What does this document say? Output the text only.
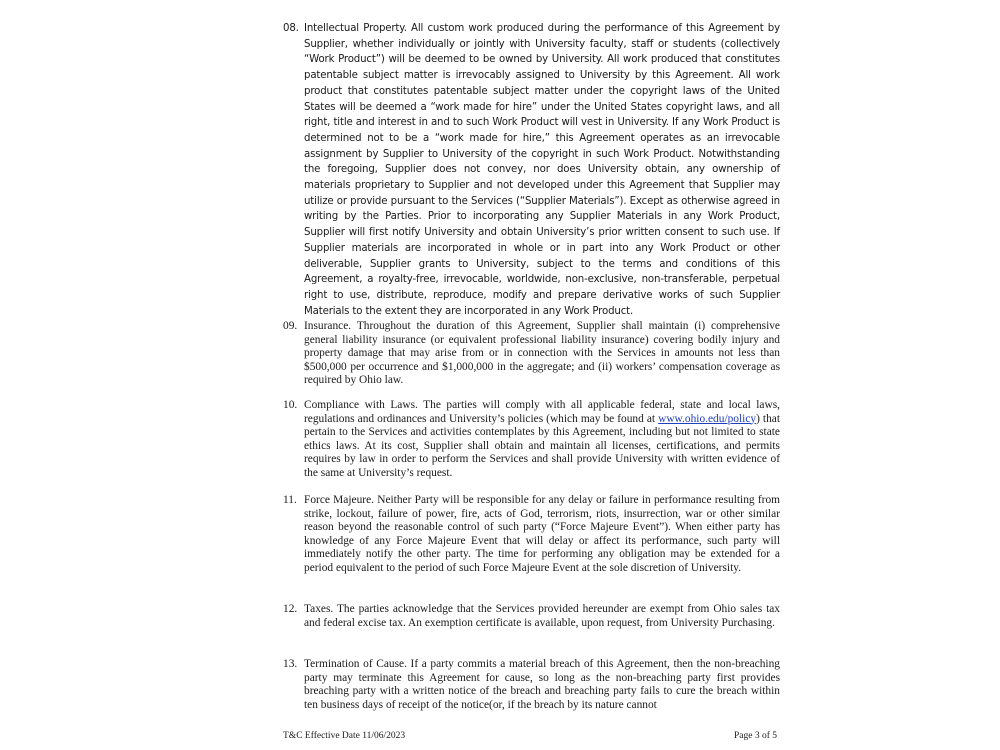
08. Intellectual Property. All custom work produced during the performance of this Agreement by Supplier, whether individually or jointly with University faculty, staff or students (collectively “Work Product”) will be deemed to be owned by University. All work produced that constitutes patentable subject matter is irrevocably assigned to University by this Agreement. All work product that constitutes patentable subject matter under the copyright laws of the United States will be deemed a “work made for hire” under the United States copyright laws, and all right, title and interest in and to such Work Product will vest in University. If any Work Product is determined not to be a “work made for hire,” this Agreement operates as an irrevocable assignment by Supplier to University of the copyright in such Work Product. Notwithstanding the foregoing, Supplier does not convey, nor does University obtain, any ownership of materials proprietary to Supplier and not developed under this Agreement that Supplier may utilize or provide pursuant to the Services (“Supplier Materials”). Except as otherwise agreed in writing by the Parties. Prior to incorporating any Supplier Materials in any Work Product, Supplier will first notify University and obtain University’s prior written consent to such use. If Supplier materials are incorporated in whole or in part into any Work Product or other deliverable, Supplier grants to University, subject to the terms and conditions of this Agreement, a royalty-free, irrevocable, worldwide, non-exclusive, non-transferable, perpetual right to use, distribute, reproduce, modify and prepare derivative works of such Supplier Materials to the extent they are incorporated in any Work Product.
09. Insurance. Throughout the duration of this Agreement, Supplier shall maintain (i) comprehensive general liability insurance (or equivalent professional liability insurance) covering bodily injury and property damage that may arise from or in connection with the Services in amounts not less than $500,000 per occurrence and $1,000,000 in the aggregate; and (ii) workers’ compensation coverage as required by Ohio law.
10. Compliance with Laws. The parties will comply with all applicable federal, state and local laws, regulations and ordinances and University’s policies (which may be found at www.ohio.edu/policy) that pertain to the Services and activities contemplates by this Agreement, including but not limited to state ethics laws. At its cost, Supplier shall obtain and maintain all licenses, certifications, and permits requires by law in order to perform the Services and shall provide University with written evidence of the same at University’s request.
11. Force Majeure. Neither Party will be responsible for any delay or failure in performance resulting from strike, lockout, failure of power, fire, acts of God, terrorism, riots, insurrection, war or other similar reason beyond the reasonable control of such party (“Force Majeure Event”). When either party has knowledge of any Force Majeure Event that will delay or affect its performance, such party will immediately notify the other party. The time for performing any obligation may be extended for a period equivalent to the period of such Force Majeure Event at the sole discretion of University.
12. Taxes. The parties acknowledge that the Services provided hereunder are exempt from Ohio sales tax and federal excise tax. An exemption certificate is available, upon request, from University Purchasing.
13. Termination of Cause. If a party commits a material breach of this Agreement, then the non-breaching party may terminate this Agreement for cause, so long as the non-breaching party first provides breaching party with a written notice of the breach and breaching party fails to cure the breach within ten business days of receipt of the notice(or, if the breach by its nature cannot
T&C Effective Date 11/06/2023	Page 3 of 5
